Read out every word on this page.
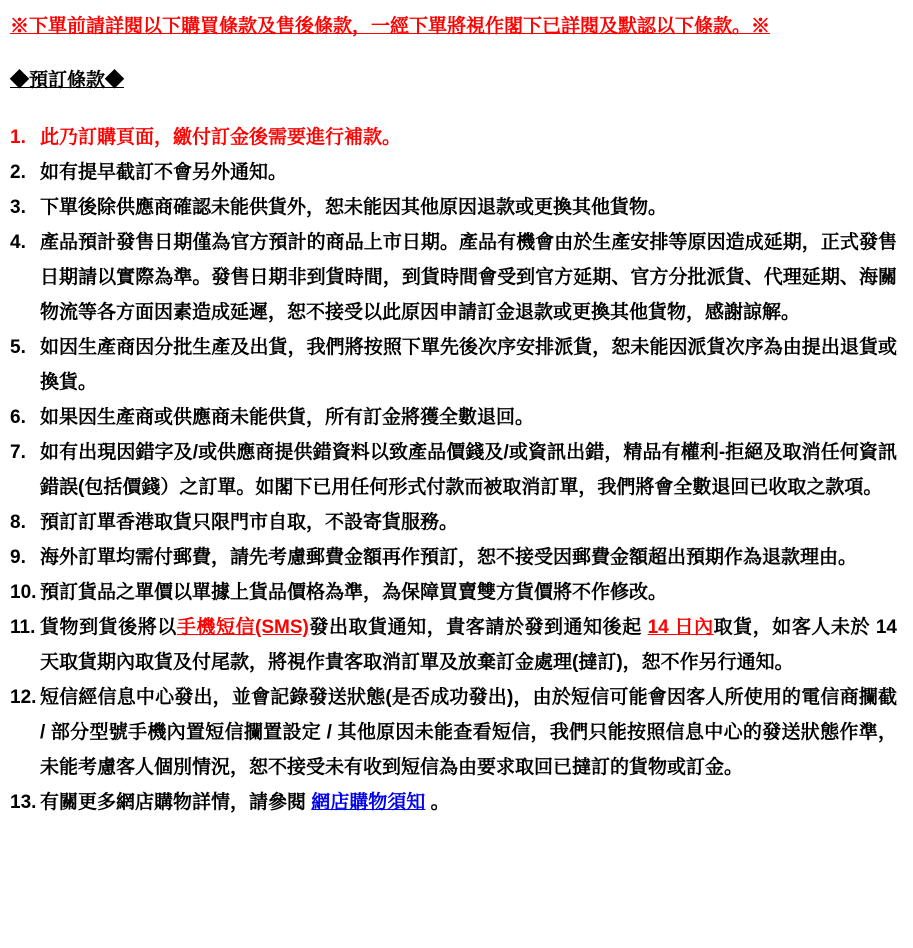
※下單前請詳閱以下購買條款及售後條款，一經下單將視作閣下已詳閱及默認以下條款。※
◆預訂條款◆
1. 此乃訂購頁面，繳付訂金後需要進行補款。
2. 如有提早截訂不會另外通知。
3. 下單後除供應商確認未能供貨外，恕未能因其他原因退款或更換其他貨物。
4. 產品預計發售日期僅為官方預計的商品上市日期。產品有機會由於生產安排等原因造成延期，正式發售日期請以實際為準。發售日期非到貨時間，到貨時間會受到官方延期、官方分批派貨、代理延期、海關物流等各方面因素造成延遲，恕不接受以此原因申請訂金退款或更換其他貨物，感謝諒解。
5. 如因生產商因分批生產及出貨，我們將按照下單先後次序安排派貨，恕未能因派貨次序為由提出退貨或換貨。
6. 如果因生產商或供應商未能供貨，所有訂金將獲全數退回。
7. 如有出現因錯字及/或供應商提供錯資料以致產品價錢及/或資訊出錯，精品有權利-拒絕及取消任何資訊錯誤(包括價錢）之訂單。如閣下已用任何形式付款而被取消訂單，我們將會全數退回已收取之款項。
8. 預訂訂單香港取貨只限門市自取，不設寄貨服務。
9. 海外訂單均需付郵費，請先考慮郵費金額再作預訂，恕不接受因郵費金額超出預期作為退款理由。
10. 預訂貨品之單價以單據上貨品價格為準，為保障買賣雙方貨價將不作修改。
11. 貨物到貨後將以手機短信(SMS)發出取貨通知，貴客請於發到通知後起 14 日內取貨，如客人未於 14 天取貨期內取貨及付尾款，將視作貴客取消訂單及放棄訂金處理(撻訂)，恕不作另行通知。
12. 短信經信息中心發出，並會記錄發送狀態(是否成功發出)，由於短信可能會因客人所使用的電信商攔截 / 部分型號手機內置短信攔置設定 / 其他原因未能查看短信，我們只能按照信息中心的發送狀態作準，未能考慮客人個別情況，恕不接受未有收到短信為由要求取回已撻訂的貨物或訂金。
13. 有關更多網店購物詳情，請參閱 網店購物須知 。
